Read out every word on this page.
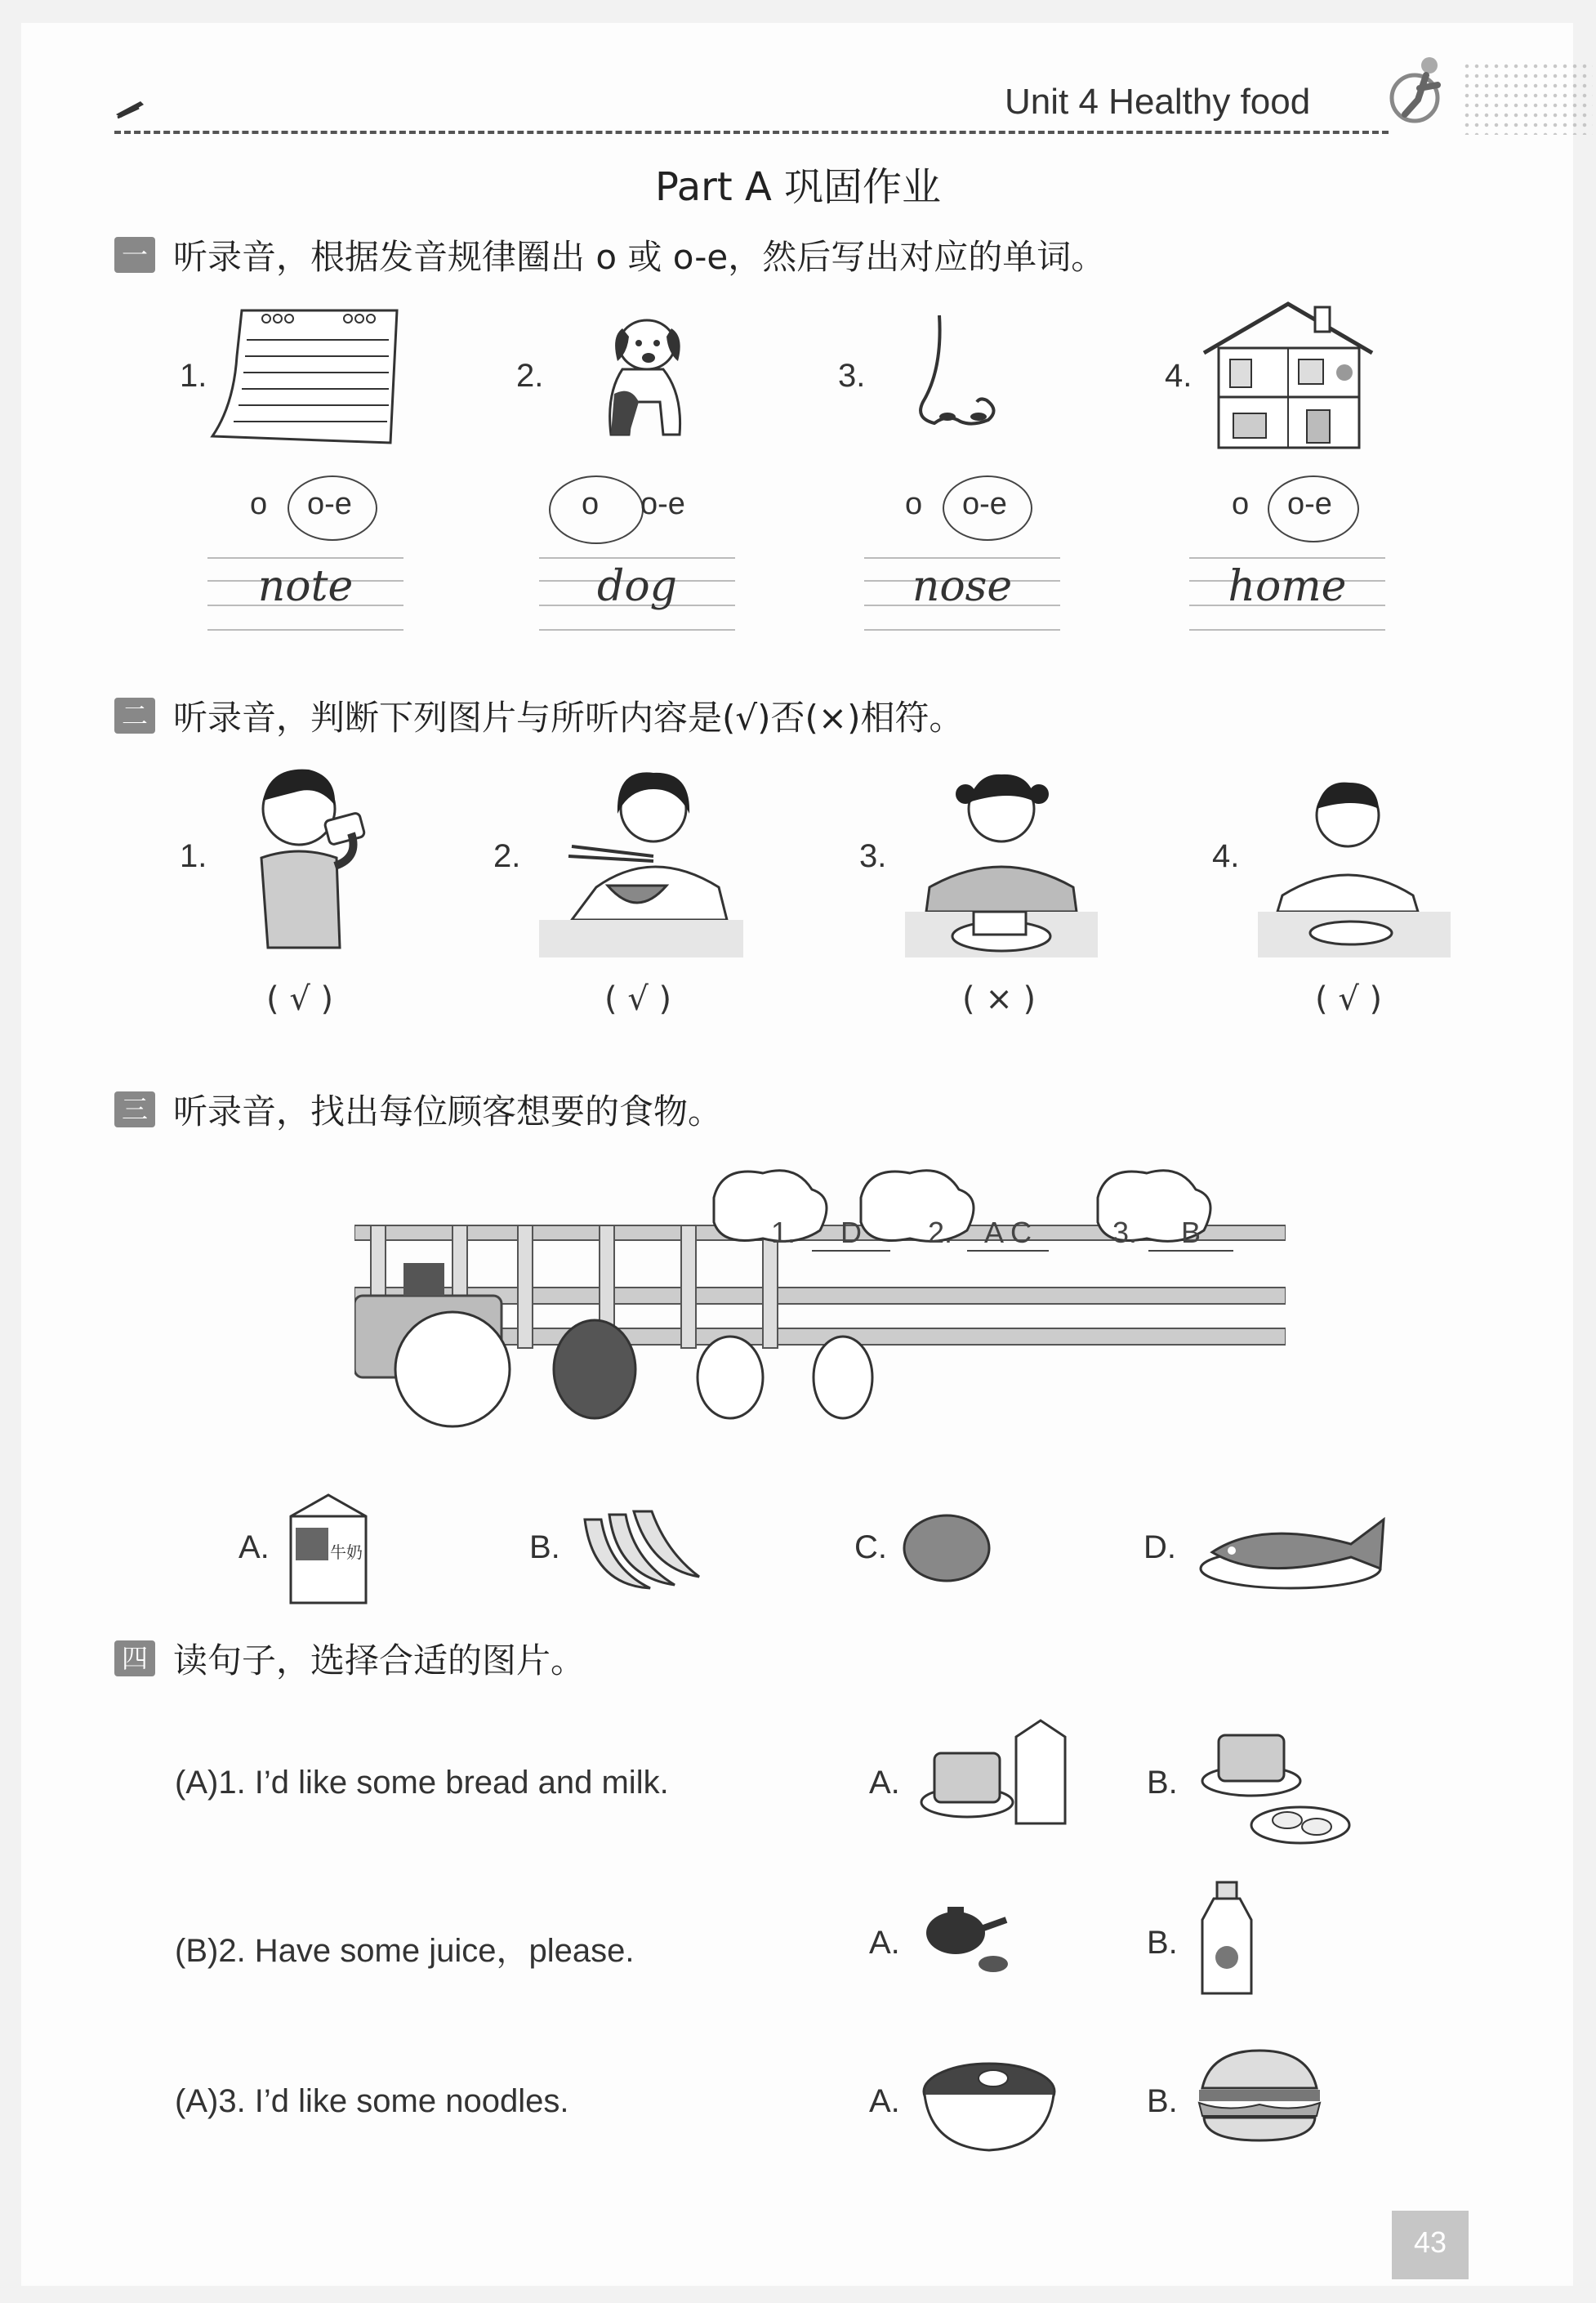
Unit 4 Healthy food
Part A 巩固作业
一 听录音，根据发音规律圈出 o 或 o-e，然后写出对应的单词。
1.
o o-e
note
2.
o o-e
dog
3.
o o-e
nose
4.
o o-e
home
二 听录音，判断下列图片与所听内容是(√)否(×)相符。
1.
( √ )
2.
( √ )
3.
( × )
4.
( √ )
三 听录音，找出每位顾客想要的食物。
1.	D	2.	A C	3.	B
A.	牛奶	B.	C.	D.
四 读句子，选择合适的图片。
(A)1. I’d like some bread and milk.	A.	B.
(B)2. Have some juice，please.	A.	B.
(A)3. I’d like some noodles.	A.	B.
43
